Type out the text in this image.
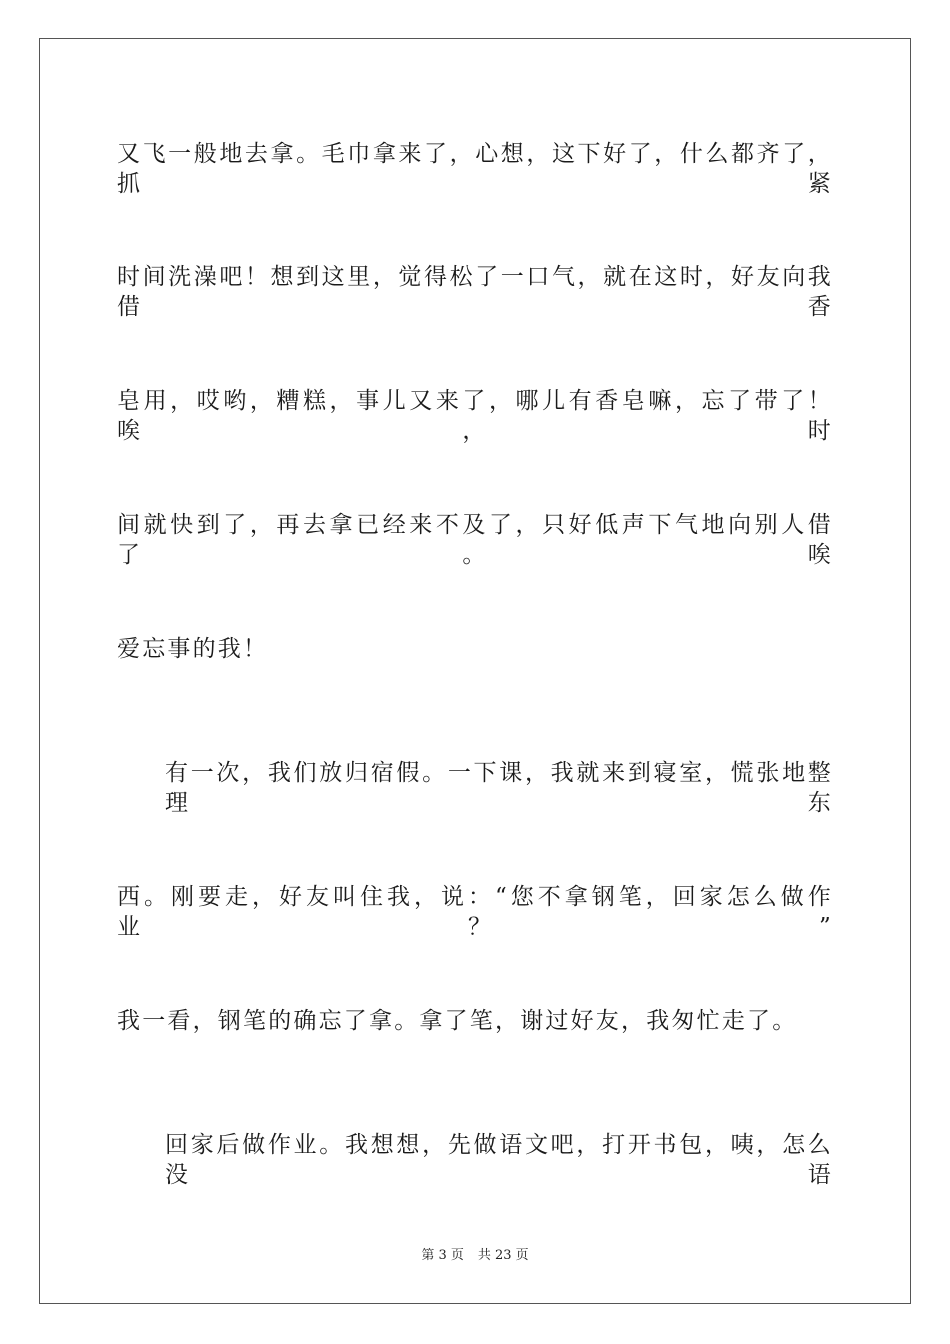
又飞一般地去拿。毛巾拿来了，心想，这下好了，什么都齐了，抓紧
时间洗澡吧！想到这里，觉得松了一口气，就在这时，好友向我借香
皂用，哎哟，糟糕，事儿又来了，哪儿有香皂嘛，忘了带了！唉，时
间就快到了，再去拿已经来不及了，只好低声下气地向别人借了。唉
爱忘事的我！
有一次，我们放归宿假。一下课，我就来到寝室，慌张地整理东
西。刚要走，好友叫住我，说：“您不拿钢笔，回家怎么做作业？”
我一看，钢笔的确忘了拿。拿了笔，谢过好友，我匆忙走了。
回家后做作业。我想想，先做语文吧，打开书包，咦，怎么没语
第 3 页 共 23 页
